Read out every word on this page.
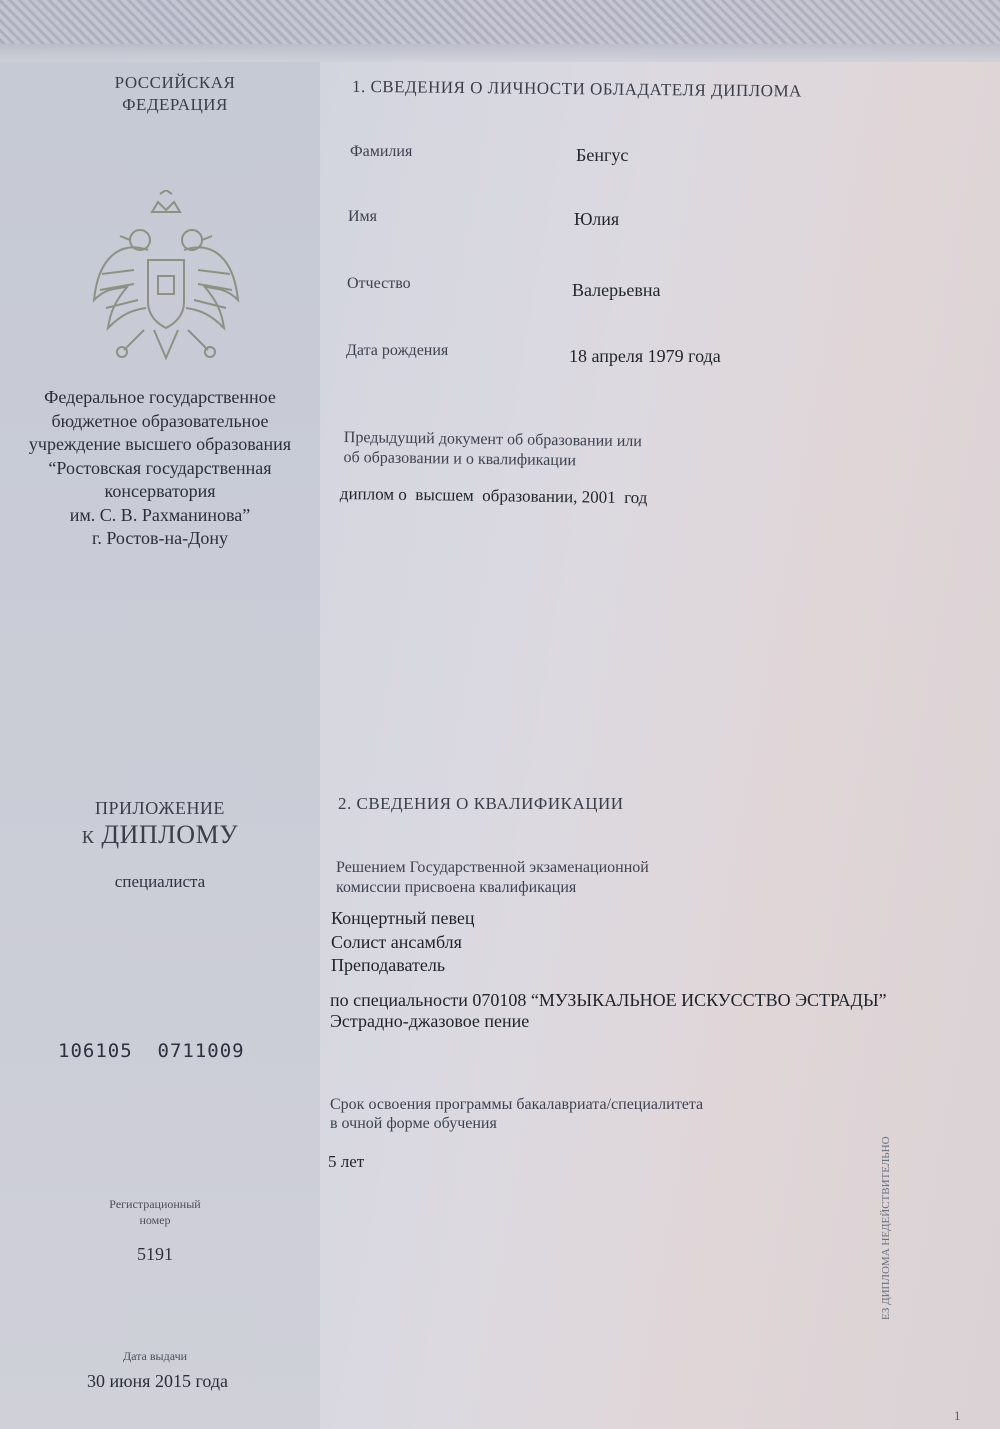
РОССИЙСКАЯ
ФЕДЕРАЦИЯ
Федеральное государственное
бюджетное образовательное
учреждение высшего образования
“Ростовская государственная
консерватория
им. С. В. Рахманинова”
г. Ростов-на-Дону
ПРИЛОЖЕНИЕ
к ДИПЛОМУ
специалиста
106105  0711009
Регистрационный
номер
5191
Дата выдачи
30 июня 2015 года
1. СВЕДЕНИЯ О ЛИЧНОСТИ ОБЛАДАТЕЛЯ ДИПЛОМА
Фамилия	Бенгус
Имя	Юлия
Отчество	Валерьевна
Дата рождения	18 апреля 1979 года
Предыдущий документ об образовании или
об образовании и о квалификации
диплом о  высшем  образовании, 2001  год
2. СВЕДЕНИЯ О КВАЛИФИКАЦИИ
Решением Государственной экзаменационной
комиссии присвоена квалификация
Концертный певец
Солист ансамбля
Преподаватель
по специальности 070108 “МУЗЫКАЛЬНОЕ ИСКУССТВО ЭСТРАДЫ”
Эстрадно-джазовое пение
Срок освоения программы бакалавриата/специалитета
в очной форме обучения
5 лет	ЕЗ ДИПЛОМА НЕДЕЙСТВИТЕЛЬНО
1
